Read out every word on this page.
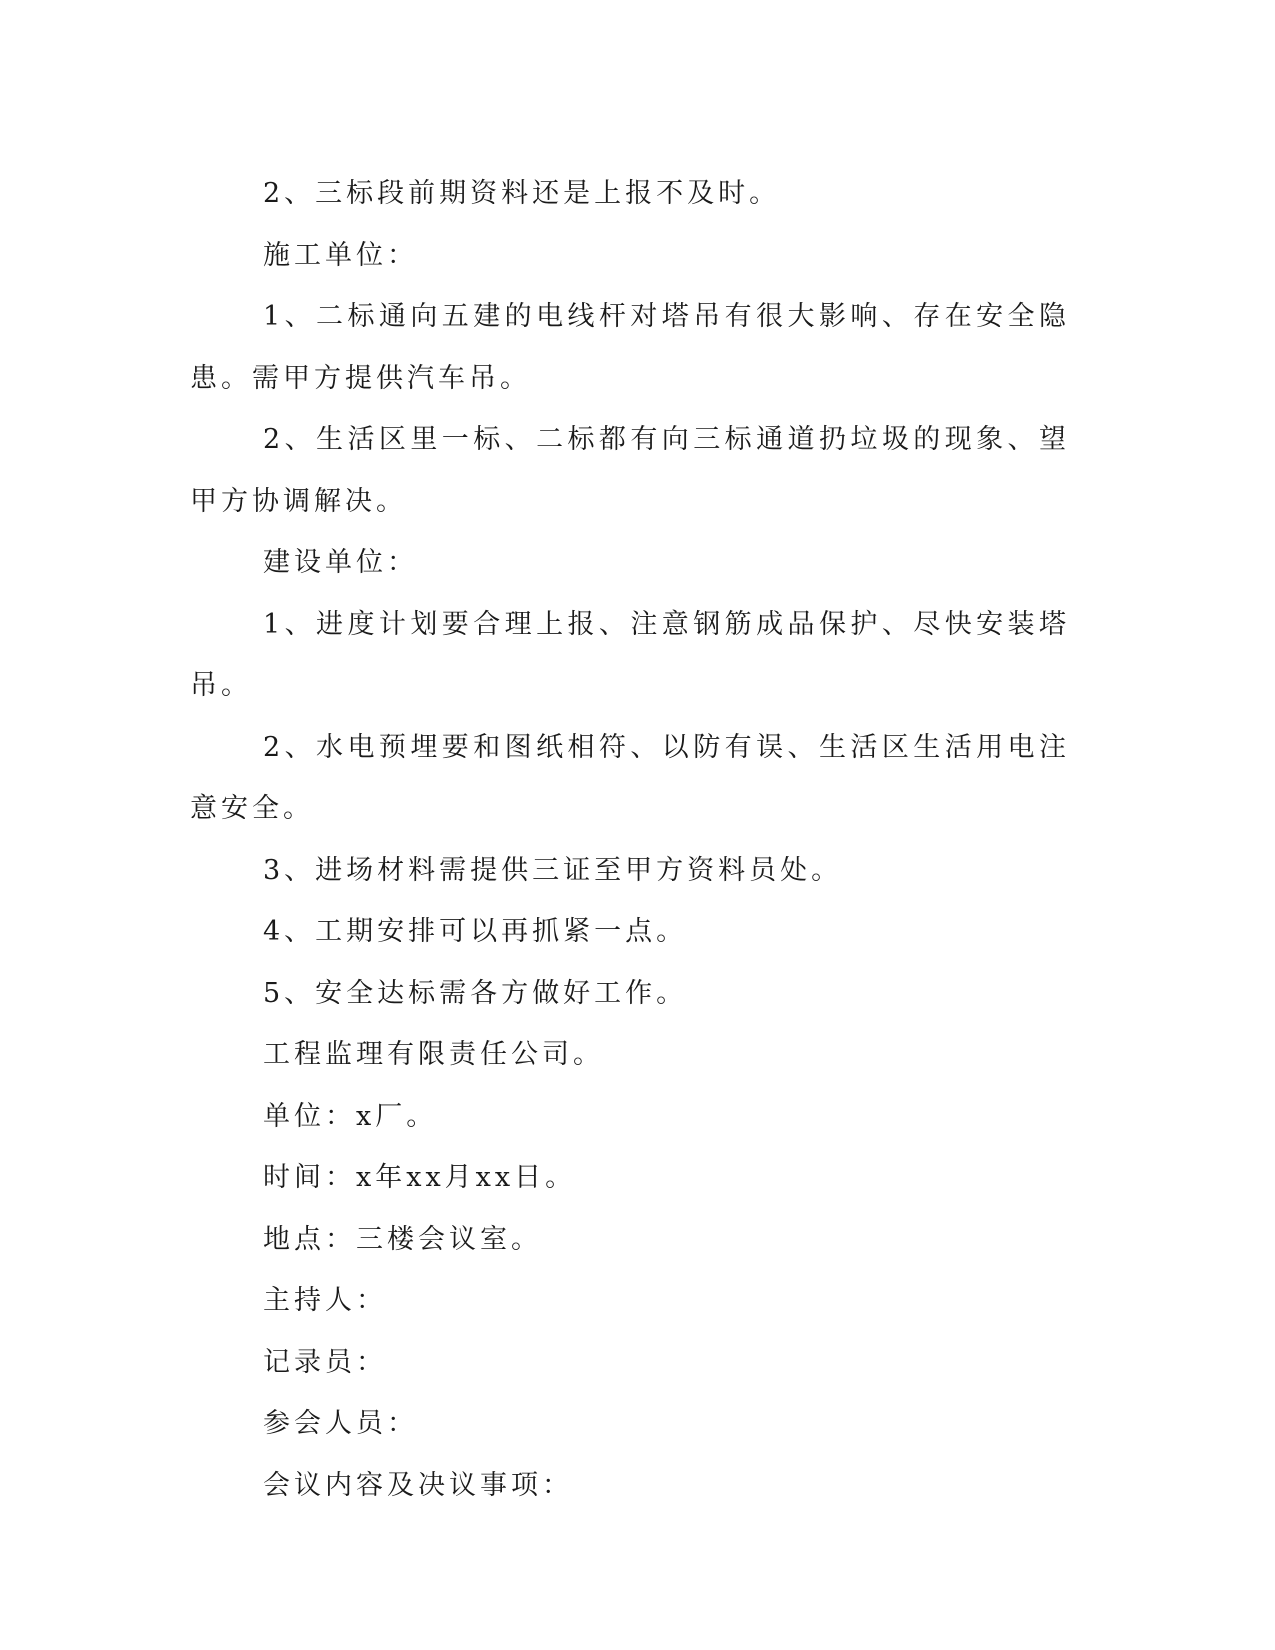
2、三标段前期资料还是上报不及时。

施工单位：

1、二标通向五建的电线杆对塔吊有很大影响、存在安全隐患。需甲方提供汽车吊。

2、生活区里一标、二标都有向三标通道扔垃圾的现象、望甲方协调解决。

建设单位：

1、进度计划要合理上报、注意钢筋成品保护、尽快安装塔吊。

2、水电预埋要和图纸相符、以防有误、生活区生活用电注意安全。

3、进场材料需提供三证至甲方资料员处。

4、工期安排可以再抓紧一点。

5、安全达标需各方做好工作。

工程监理有限责任公司。

单位：x厂。

时间：x年xx月xx日。

地点：三楼会议室。

主持人：

记录员：

参会人员：

会议内容及决议事项：
